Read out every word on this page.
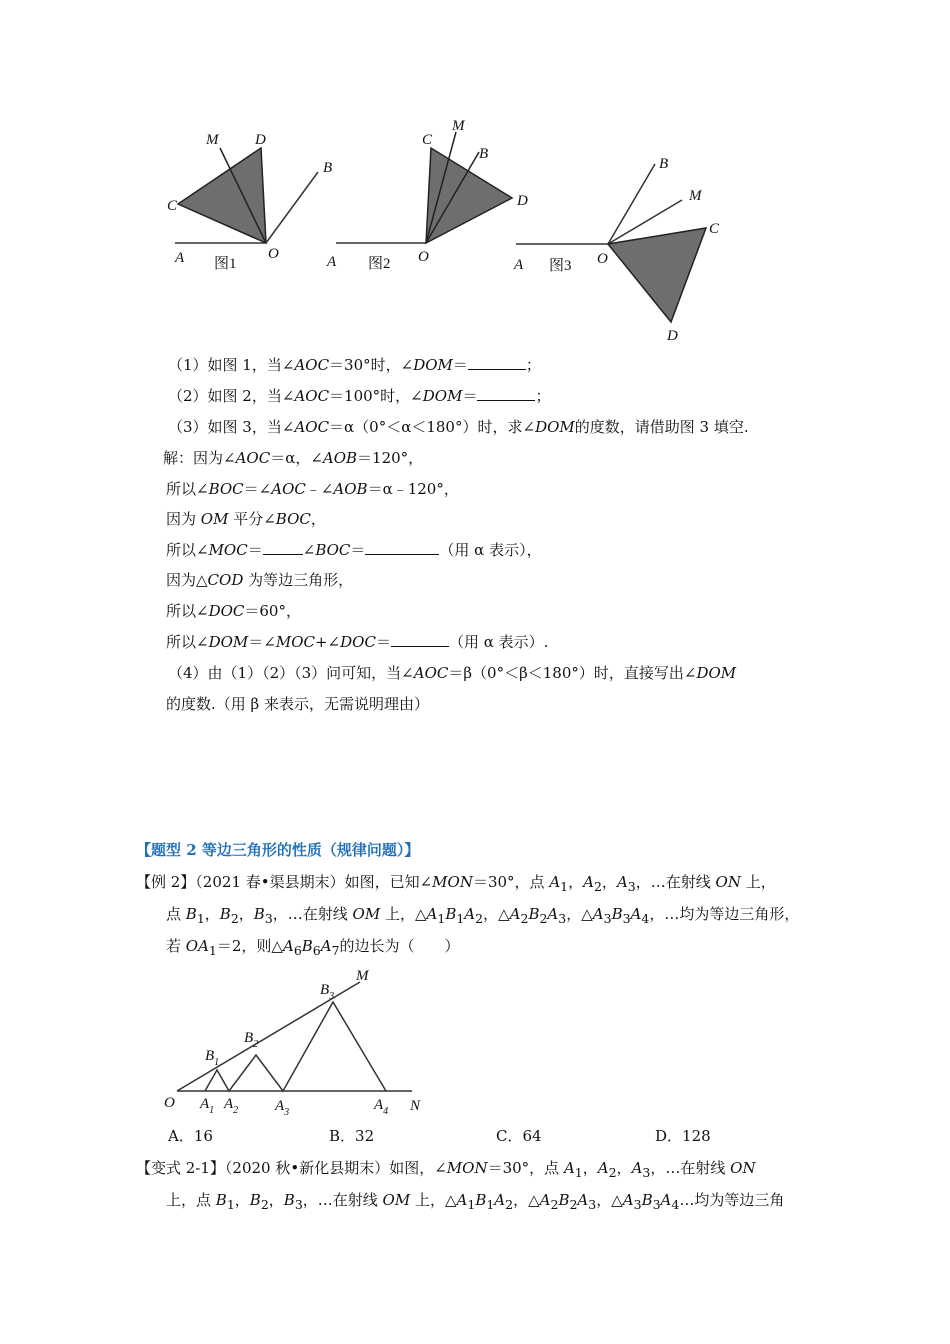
M D
B
C
A	O
图1
C
M
B
D
A	O
图2
B
M
C
D
A	O
图3
（1）如图 1，当∠AOC＝30°时，∠DOM＝	；
（2）如图 2，当∠AOC＝100°时，∠DOM＝	；
（3）如图 3，当∠AOC＝α（0°＜α＜180°）时，求∠DOM的度数，请借助图 3 填空.
解：因为∠AOC＝α，∠AOB＝120°，
所以∠BOC＝∠AOC﹣∠AOB＝α﹣120°，
因为 OM 平分∠BOC，
所以∠MOC＝	∠BOC＝	（用 α 表示），
因为△COD 为等边三角形，
所以∠DOC＝60°，
所以∠DOM＝∠MOC+∠DOC＝	（用 α 表示）.
（4）由（1）（2）（3）问可知，当∠AOC＝β（0°＜β＜180°）时，直接写出∠DOM
的度数.（用 β 来表示，无需说明理由）
【题型 2 等边三角形的性质（规律问题）】
【例 2】（2021 春•渠县期末）如图，已知∠MON＝30°，点 $A_1$，$A_2$，$A_3$，…在射线 ON 上，
点 $B_1$，$B_2$，$B_3$，…在射线 OM 上，$\triangle A_1B_1A_2$，$\triangle A_2B_2A_3$，$\triangle A_3B_3A_4$，…均为等边三角形，
若 $OA_1=2$，则$\triangle A_6B_6A_7$的边长为（　　）
M
N
O $A_1$ $A_2$ $A_3$	$A_4$
$B_1$
$B_2$
$B_3$
A．16	B．32	C．64	D．128
【变式 2-1】（2020 秋•新化县期末）如图，∠MON＝30°，点 $A_1$，$A_2$，$A_3$，…在射线 ON
上，点 $B_1$，$B_2$，$B_3$，…在射线 OM 上，$\triangle A_1B_1A_2$，$\triangle A_2B_2A_3$，$\triangle A_3B_3A_4\dots$均为等边三角
